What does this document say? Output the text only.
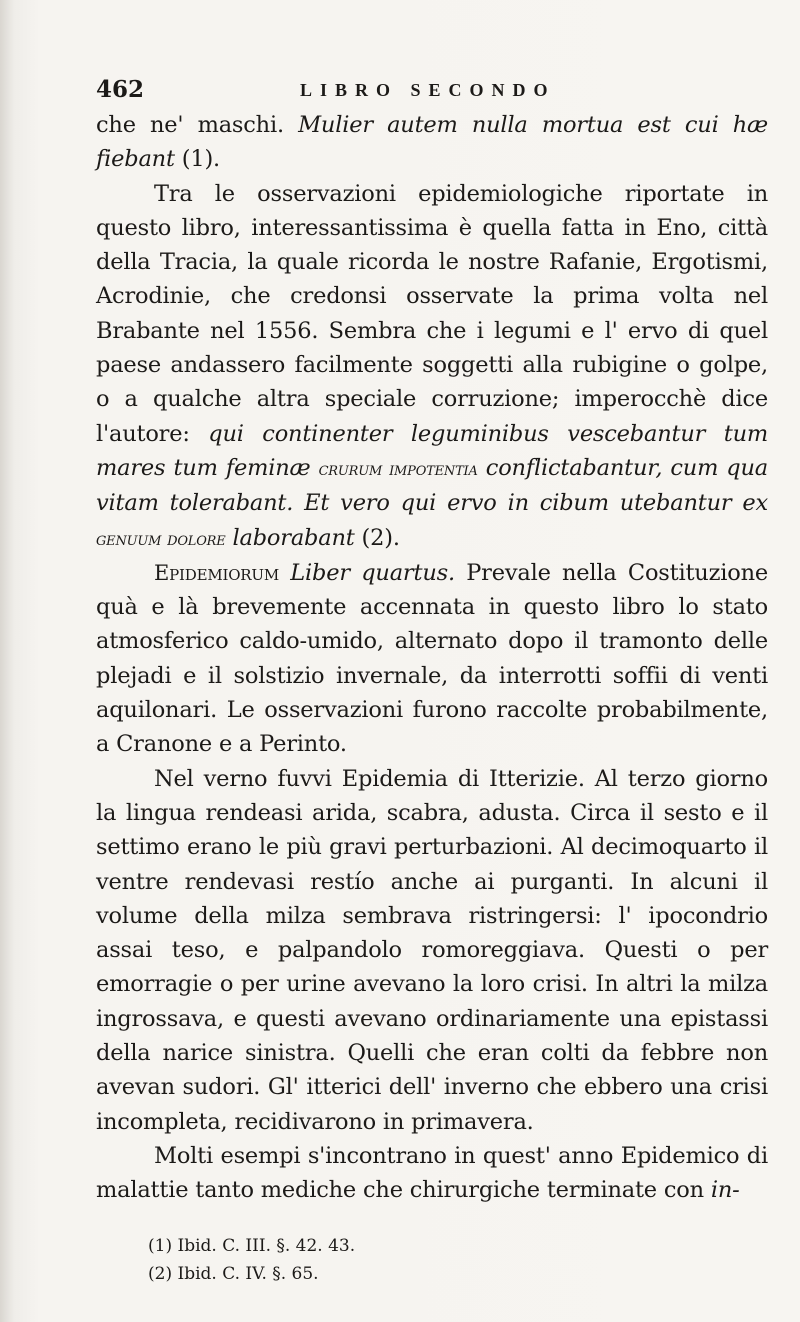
462	LIBRO SECONDO

che ne' maschi. Mulier autem nulla mortua est cui hæ fiebant (1).

Tra le osservazioni epidemiologiche riportate in questo libro, interessantissima è quella fatta in Eno, città della Tracia, la quale ricorda le nostre Rafanie, Ergotismi, Acrodinie, che credonsi osservate la prima volta nel Brabante nel 1556. Sembra che i legumi e l' ervo di quel paese andassero facilmente soggetti alla rubigine o golpe, o a qualche altra speciale corruzione; imperocchè dice l'autore: qui continenter leguminibus vescebantur tum mares tum feminæ crurum impotentia conflictabantur, cum qua vitam tolerabant. Et vero qui ervo in cibum utebantur ex genuum dolore laborabant (2).

Epidemiorum Liber quartus. Prevale nella Costituzione quà e là brevemente accennata in questo libro lo stato atmosferico caldo-umido, alternato dopo il tramonto delle plejadi e il solstizio invernale, da interrotti soffii di venti aquilonari. Le osservazioni furono raccolte probabilmente, a Cranone e a Perinto.

Nel verno fuvvi Epidemia di Itterizie. Al terzo giorno la lingua rendeasi arida, scabra, adusta. Circa il sesto e il settimo erano le più gravi perturbazioni. Al decimoquarto il ventre rendevasi restío anche ai purganti. In alcuni il volume della milza sembrava ristringersi: l' ipocondrio assai teso, e palpandolo romoreggiava. Questi o per emorragie o per urine avevano la loro crisi. In altri la milza ingrossava, e questi avevano ordinariamente una epistassi della narice sinistra. Quelli che eran colti da febbre non avevan sudori. Gl' itterici dell' inverno che ebbero una crisi incompleta, recidivarono in primavera.

Molti esempi s'incontrano in quest' anno Epidemico di malattie tanto mediche che chirurgiche terminate con in-

(1) Ibid. C. III. §. 42. 43.
(2) Ibid. C. IV. §. 65.
